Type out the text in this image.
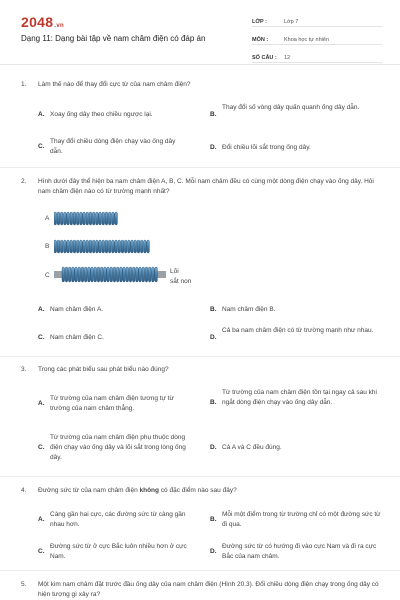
2048.vn
Dạng 11: Dạng bài tập về nam châm điện có đáp án
LỚP :	Lớp 7
MÔN :	Khoa học tự nhiên
SỐ CÂU :	12
1.	Làm thế nào để thay đổi cực từ của nam châm điện?
A. Xoay ống dây theo chiều ngược lại.	B.
Thay đổi số vòng dây quấn quanh ống dây dẫn.
C.
Thay đổi chiều dòng điện chạy vào ống dây dẫn.
D. Đổi chiều lõi sắt trong ống dây.
2.	Hình dưới đây thể hiện ba nam châm điện A, B, C. Mỗi nam châm đều có cùng một dòng điện chạy vào ống dây. Hỏi nam châm điện nào có từ trường mạnh nhất?
A
B
C
Lõi
sắt non
A. Nam châm điện A.	B. Nam châm điện B.
C. Nam châm điện C.	D.
Cả ba nam châm điện có từ trường mạnh như nhau.
3.	Trong các phát biểu sau phát biểu nào đúng?
A.
Từ trường của nam châm điện tương tự từ trường của nam châm thẳng.
B.
Từ trường của nam châm điện tồn tại ngay cả sau khi ngắt dòng điện chạy vào ống dây dẫn.
C.
Từ trường của nam châm điện phụ thuộc dòng điện chạy vào ống dây và lõi sắt trong lòng ống dây.
D. Cả A và C đều đúng.
4.	Đường sức từ của nam châm điện không có đặc điểm nào sau đây?
A.
Càng gần hai cực, các đường sức từ càng gần nhau hơn.
B.
Mỗi một điểm trong từ trường chỉ có một đường sức từ đi qua.
C.
Đường sức từ ở cực Bắc luôn nhiều hơn ở cực Nam.
D.
Đường sức từ có hướng đi vào cực Nam và đi ra cực Bắc của nam châm.
5.	Một kim nam châm đặt trước đầu ống dây của nam châm điện (Hình 20.3). Đổi chiều dòng điện chạy trong ống dây có hiện tượng gì xảy ra?
